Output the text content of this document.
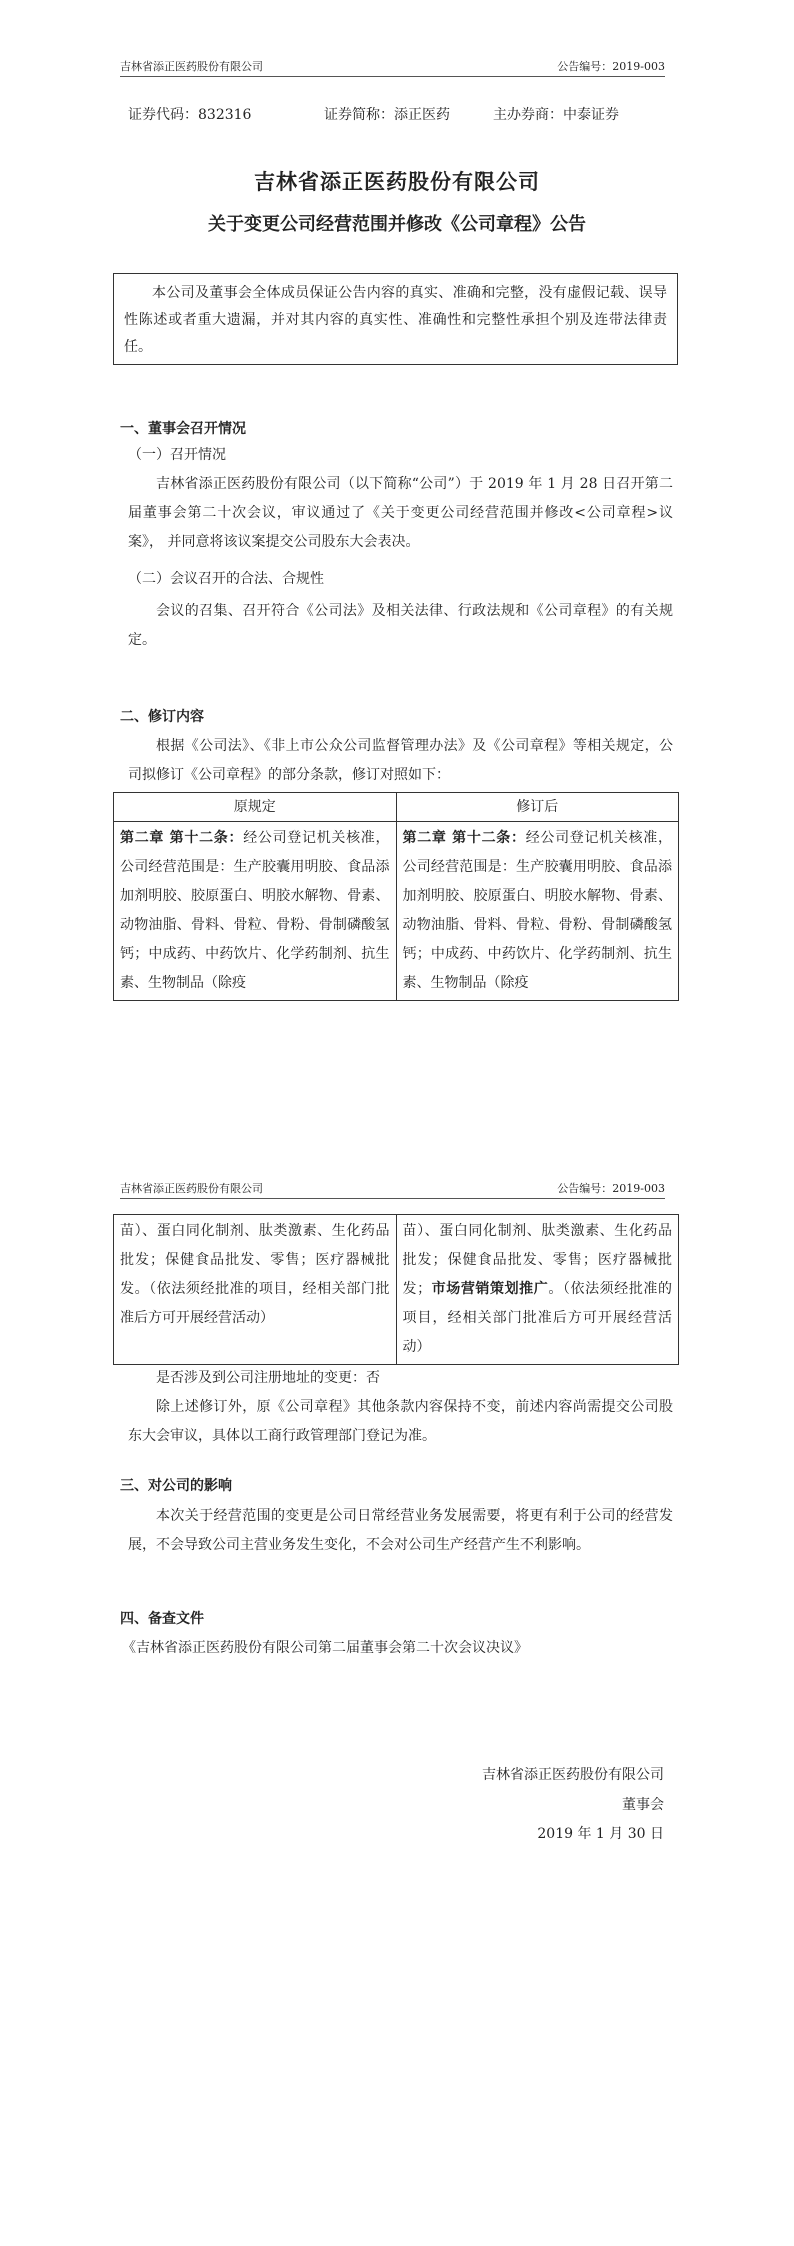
吉林省添正医药股份有限公司	公告编号：2019-003
证券代码：832316	证券简称：添正医药	主办券商：中泰证券
吉林省添正医药股份有限公司
关于变更公司经营范围并修改《公司章程》公告
本公司及董事会全体成员保证公告内容的真实、准确和完整，没有虚假记载、误导性陈述或者重大遗漏，并对其内容的真实性、准确性和完整性承担个别及连带法律责任。
一、董事会召开情况
（一）召开情况
吉林省添正医药股份有限公司（以下简称“公司”）于 2019 年 1 月 28 日召开第二届董事会第二十次会议，审议通过了《关于变更公司经营范围并修改<公司章程>议案》， 并同意将该议案提交公司股东大会表决。
（二）会议召开的合法、合规性
会议的召集、召开符合《公司法》及相关法律、行政法规和《公司章程》的有关规定。
二、修订内容
根据《公司法》、《非上市公众公司监督管理办法》及《公司章程》等相关规定，公司拟修订《公司章程》的部分条款，修订对照如下：
原规定	修订后
第二章 第十二条：经公司登记机关核准，公司经营范围是：生产胶囊用明胶、食品添加剂明胶、胶原蛋白、明胶水解物、骨素、动物油脂、骨料、骨粒、骨粉、骨制磷酸氢钙；中成药、中药饮片、化学药制剂、抗生素、生物制品（除疫	第二章 第十二条：经公司登记机关核准，公司经营范围是：生产胶囊用明胶、食品添加剂明胶、胶原蛋白、明胶水解物、骨素、动物油脂、骨料、骨粒、骨粉、骨制磷酸氢钙；中成药、中药饮片、化学药制剂、抗生素、生物制品（除疫
吉林省添正医药股份有限公司	公告编号：2019-003
苗）、蛋白同化制剂、肽类激素、生化药品批发；保健食品批发、零售；医疗器械批发。（依法须经批准的项目，经相关部门批准后方可开展经营活动）	苗）、蛋白同化制剂、肽类激素、生化药品批发；保健食品批发、零售；医疗器械批发；市场营销策划推广。（依法须经批准的项目，经相关部门批准后方可开展经营活动）
是否涉及到公司注册地址的变更：否
除上述修订外，原《公司章程》其他条款内容保持不变，前述内容尚需提交公司股东大会审议，具体以工商行政管理部门登记为准。
三、对公司的影响
本次关于经营范围的变更是公司日常经营业务发展需要，将更有利于公司的经营发展，不会导致公司主营业务发生变化，不会对公司生产经营产生不利影响。
四、备查文件
《吉林省添正医药股份有限公司第二届董事会第二十次会议决议》
吉林省添正医药股份有限公司
董事会
2019 年 1 月 30 日
